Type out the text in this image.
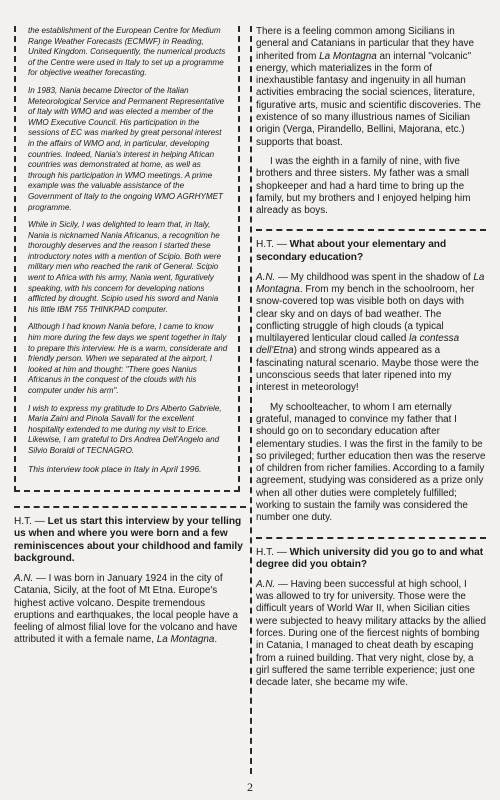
the establishment of the European Centre for Medium Range Weather Forecasts (ECMWF) in Reading, United Kingdom. Consequently, the numerical products of the Centre were used in Italy to set up a programme for objective weather forecasting.

In 1983, Nania became Director of the Italian Meteorological Service and Permanent Representative of Italy with WMO and was elected a member of the WMO Executive Council. His participation in the sessions of EC was marked by great personal interest in the affairs of WMO and, in particular, developing countries. Indeed, Nania's interest in helping African countries was demonstrated at home, as well as through his participation in WMO meetings. A prime example was the valuable assistance of the Government of Italy to the ongoing WMO AGRHYMET programme.

While in Sicily, I was delighted to learn that, in Italy, Nania is nicknamed Nania Africanus, a recognition he thoroughly deserves and the reason I started these introductory notes with a mention of Scipio. Both were military men who reached the rank of General. Scipio went to Africa with his army, Nania went, figuratively speaking, with his concern for developing nations afflicted by drought. Scipio used his sword and Nania his little IBM 755 THINKPAD computer.

Although I had known Nania before, I came to know him more during the few days we spent together in Italy to prepare this interview. He is a warm, considerate and friendly person. When we separated at the airport, I looked at him and thought: "There goes Nanius Africanus in the conquest of the clouds with his computer under his arm".

I wish to express my gratitude to Drs Alberto Gabriele, Maria Zaini and Pinola Savalli for the excellent hospitality extended to me during my visit to Erice. Likewise, I am grateful to Drs Andrea Dell'Angelo and Silvio Boraldi of TECNAGRO.

This interview took place in Italy in April 1996.

H.T. — Let us start this interview by your telling us when and where you were born and a few reminiscences about your childhood and family background.

A.N. — I was born in January 1924 in the city of Catania, Sicily, at the foot of Mt Etna. Europe's highest active volcano. Despite tremendous eruptions and earthquakes, the local people have a feeling of almost filial love for the volcano and have attributed it with a female name, La Montagna.

There is a feeling common among Sicilians in general and Catanians in particular that they have inherited from La Montagna an internal "volcanic" energy, which materializes in the form of inexhaustible fantasy and ingenuity in all human activities embracing the social sciences, literature, figurative arts, music and scientific discoveries. The existence of so many illustrious names of Sicilian origin (Verga, Pirandello, Bellini, Majorana, etc.) supports that boast.

I was the eighth in a family of nine, with five brothers and three sisters. My father was a small shopkeeper and had a hard time to bring up the family, but my brothers and I enjoyed helping him already as boys.

H.T. — What about your elementary and secondary education?

A.N. — My childhood was spent in the shadow of La Montagna. From my bench in the schoolroom, her snow-covered top was visible both on days with clear sky and on days of bad weather. The conflicting struggle of high clouds (a typical multilayered lenticular cloud called la contessa dell'Etna) and strong winds appeared as a fascinating natural scenario. Maybe those were the unconscious seeds that later ripened into my interest in meteorology!

My schoolteacher, to whom I am eternally grateful, managed to convince my father that I should go on to secondary education after elementary studies. I was the first in the family to be so privileged; further education then was the reserve of children from richer families. According to a family agreement, studying was considered as a prize only when all other duties were completely fulfilled; working to sustain the family was considered the number one duty.

H.T. — Which university did you go to and what degree did you obtain?

A.N. — Having been successful at high school, I was allowed to try for university. Those were the difficult years of World War II, when Sicilian cities were subjected to heavy military attacks by the allied forces. During one of the fiercest nights of bombing in Catania, I managed to cheat death by escaping from a ruined building. That very night, close by, a girl suffered the same terrible experience; just one decade later, she became my wife.

2
